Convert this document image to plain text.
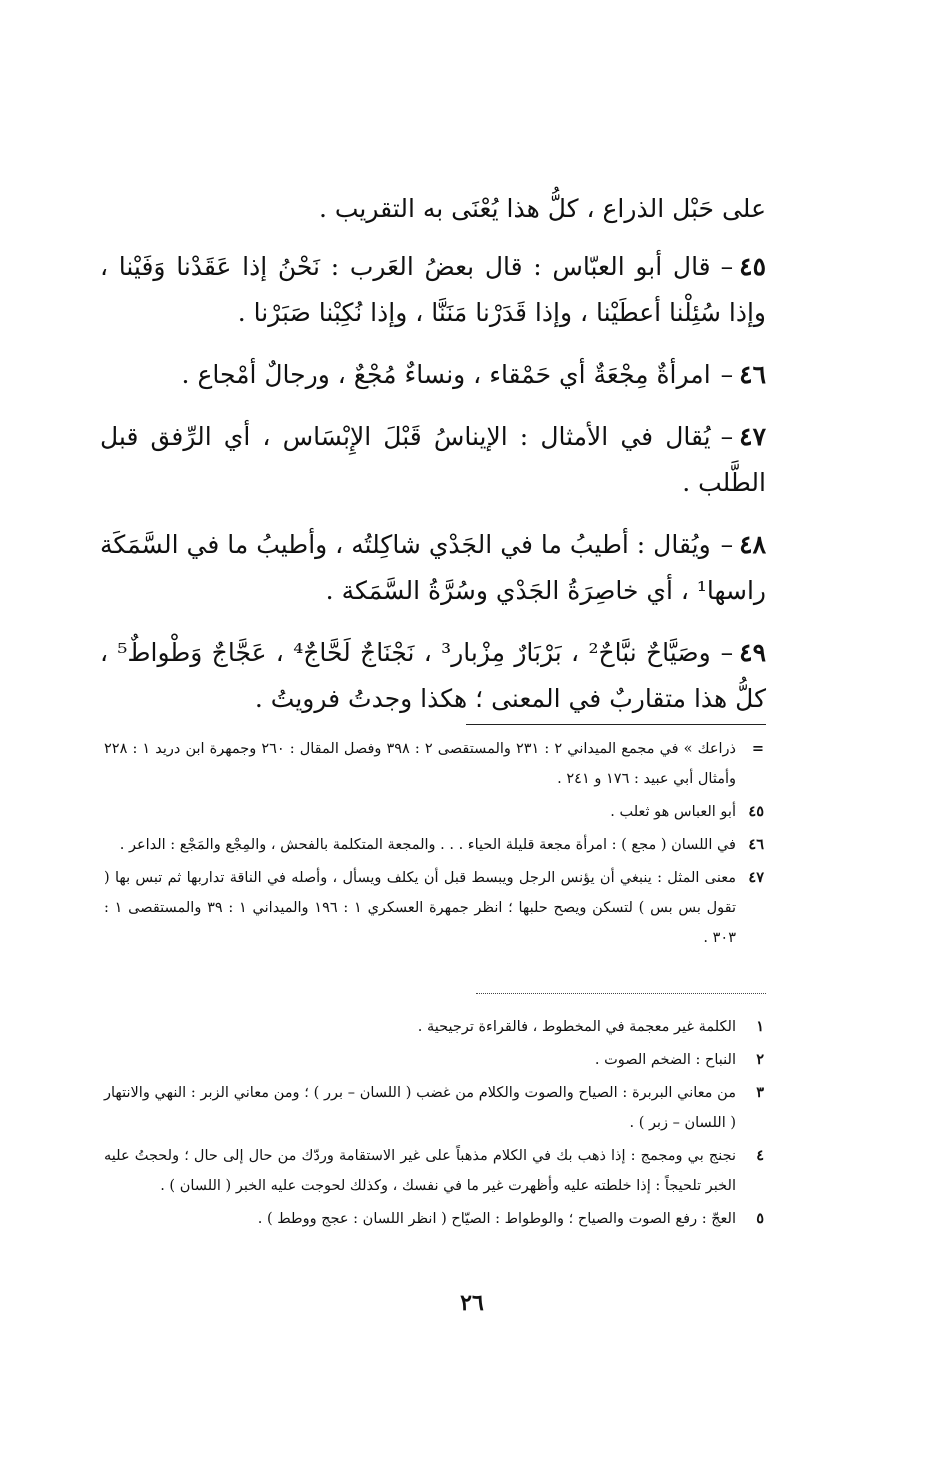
على حَبْل الذراع ، كلُّ هذا يُعْنَى به التقريب .

٤٥–قال أبو العبّاس : قال بعضُ العَرب : نَحْنُ إذا عَقَدْنا وَفَيْنا ، وإذا سُئِلْنا أعطَيْنا ، وإذا قَدَرْنا مَنَنَّا ، وإذا نُكِبْنا صَبَرْنا .

٤٦–امرأةٌ مِجْعَةٌ أي حَمْقاء ، ونساءٌ مُجْعٌ ، ورجالٌ أمْجاع .

٤٧–يُقال في الأمثال : الإيناسُ قَبْلَ الإِبْسَاس ، أي الرِّفق قبل الطَّلب .

٤٨–ويُقال : أطيبُ ما في الجَدْي شاكِلتُه ، وأطيبُ ما في السَّمَكَة راسها¹ ، أي خاصِرَةُ الجَدْي وسُرَّةُ السَّمَكة .

٤٩–وصَيَّاحٌ نبَّاحٌ² ، بَرْبَارٌ مِزْبار³ ، نَجْنَاجٌ لَحَّاجٌ⁴ ، عَجَّاجٌ وَطْواطٌ⁵ ، كلُّ هذا متقاربٌ في المعنى ؛ هكذا وجدتُ فرويتُ .

=
ذراعك » في مجمع الميداني ٢ : ٢٣١ والمستقصى ٢ : ٣٩٨ وفصل المقال : ٢٦٠ وجمهرة ابن دريد ١ : ٢٢٨ وأمثال أبي عبيد : ١٧٦ و ٢٤١ .

٤٥
أبو العباس هو ثعلب .

٤٦
في اللسان ( مجع ) : امرأة مجعة قليلة الحياء . . . والمجعة المتكلمة بالفحش ، والمِجْع والمَجْع : الداعر .

٤٧
معنى المثل : ينبغي أن يؤنس الرجل ويبسط قبل أن يكلف ويسأل ، وأصله في الناقة تداربها ثم تبس بها ( تقول بس بس ) لتسكن ويصح حلبها ؛ انظر جمهرة العسكري ١ : ١٩٦ والميداني ١ : ٣٩ والمستقصى ١ : ٣٠٣ .

١
الكلمة غير معجمة في المخطوط ، فالقراءة ترجيحية .

٢
النباح : الضخم الصوت .

٣
من معاني البربرة : الصياح والصوت والكلام من غضب ( اللسان – برر ) ؛ ومن معاني الزبر : النهي والانتهار ( اللسان – زبر ) .

٤
نجنج بي ومجمج : إذا ذهب بك في الكلام مذهباً على غير الاستقامة وردّك من حال إلى حال ؛ ولحجتُ عليه الخبر تلحيجاً : إذا خلطته عليه وأظهرت غير ما في نفسك ، وكذلك لحوجت عليه الخبر ( اللسان ) .

٥
العجّ : رفع الصوت والصياح ؛ والوطواط : الصيّاح ( انظر اللسان : عجج ووطط ) .

٢٦
